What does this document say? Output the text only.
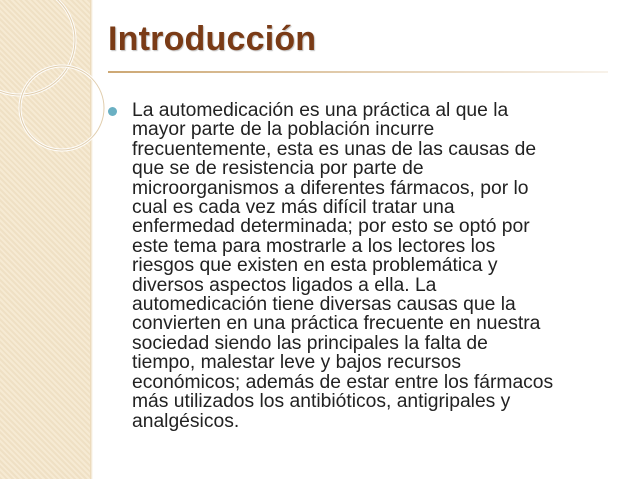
Introducción

La automedicación es una práctica al que la
mayor parte de la población incurre
frecuentemente, esta es unas de las causas de
que se de resistencia por parte de
microorganismos a diferentes fármacos, por lo
cual es cada vez más difícil tratar una
enfermedad determinada; por esto se optó por
este tema para mostrarle a los lectores los
riesgos que existen en esta problemática y
diversos aspectos ligados a ella. La
automedicación tiene diversas causas que la
convierten en una práctica frecuente en nuestra
sociedad siendo las principales la falta de
tiempo, malestar leve y bajos recursos
económicos; además de estar entre los fármacos
más utilizados los antibióticos, antigripales y
analgésicos.
